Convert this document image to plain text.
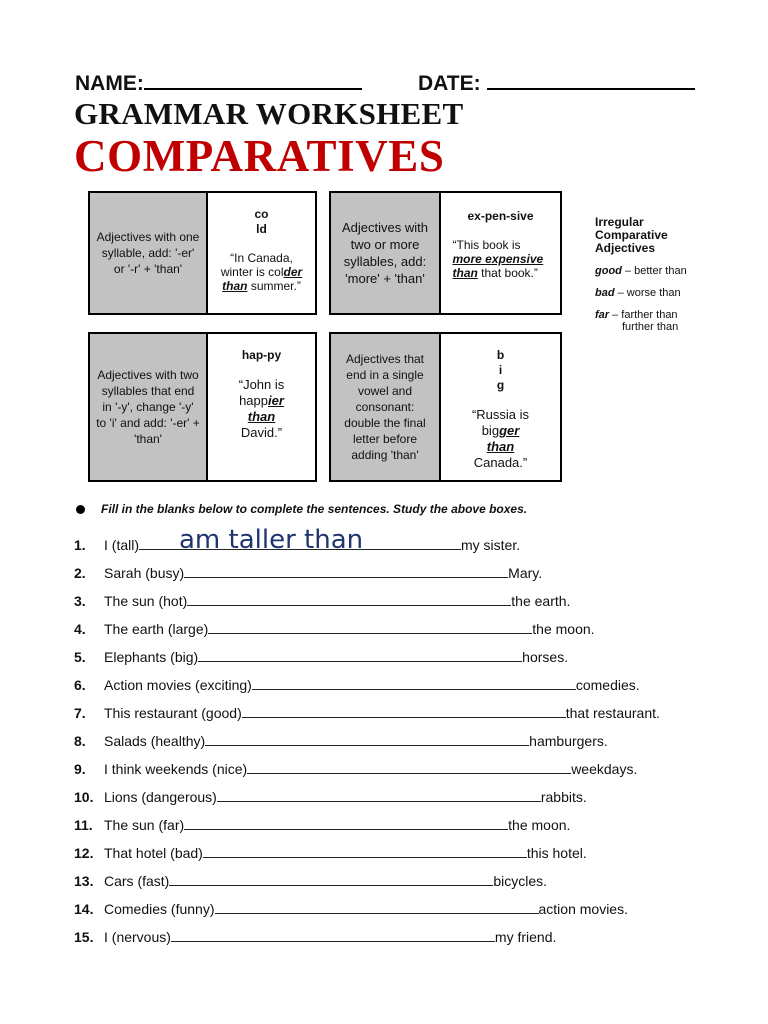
NAME:	DATE:
GRAMMAR WORKSHEET
COMPARATIVES
Adjectives with one syllable, add: '-er' or '-r' + 'than'
co
ld
“In Canada, winter is colder than summer.”
Adjectives with two or more syllables, add: 'more' + 'than'
ex-pen-sive
“This book is more expensive than that book.”
Adjectives with two syllables that end in '-y', change '-y' to 'i' and add: '-er' + 'than'
hap-py
“John is happier than David.”
Adjectives that end in a single vowel and consonant: double the final letter before adding 'than'
b
i
g
“Russia is bigger than Canada.”
Irregular Comparative Adjectives
good – better than
bad – worse than
far – farther than
further than
Fill in the blanks below to complete the sentences. Study the above boxes.
1. I (tall) am taller than	my sister.
2. Sarah (busy)	Mary.
3. The sun (hot)	the earth.
4. The earth (large)	the moon.
5. Elephants (big)	horses.
6. Action movies (exciting)	comedies.
7. This restaurant (good)	that restaurant.
8. Salads (healthy)	hamburgers.
9. I think weekends (nice)	weekdays.
10. Lions (dangerous)	rabbits.
11. The sun (far)	the moon.
12. That hotel (bad)	this hotel.
13. Cars (fast)	bicycles.
14. Comedies (funny)	action movies.
15. I (nervous)	my friend.
